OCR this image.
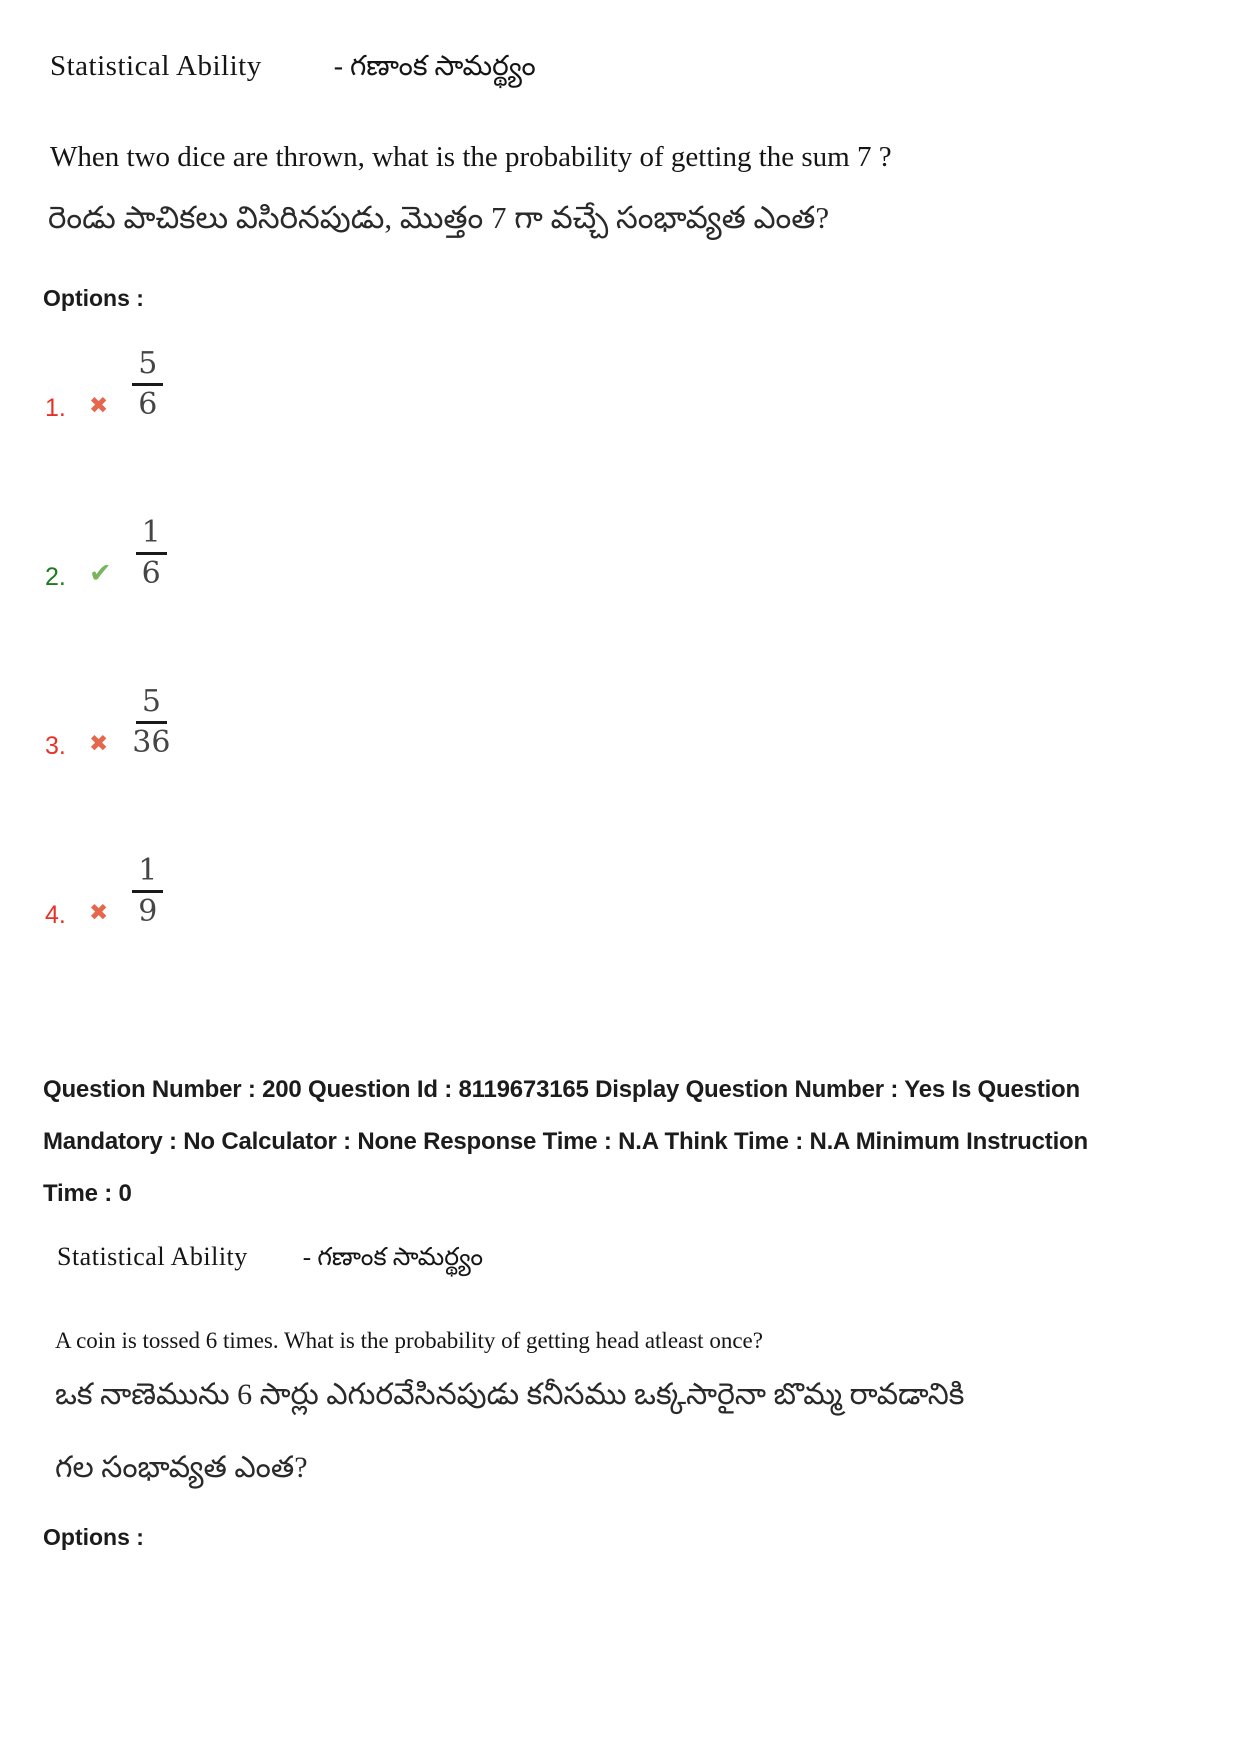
Statistical Ability	- గణాంక సామర్థ్యం
When two dice are thrown, what is the probability of getting the sum 7 ?
రెండు పాచికలు విసిరినపుడు, మొత్తం 7 గా వచ్చే సంభావ్యత ఎంత?
Options :
1.	✖ $\frac{5}{6}$
2. ✔ $\frac{1}{6}$
3.	✖ $\frac{5}{36}$
4.	✖ $\frac{1}{9}$
Question Number : 200 Question Id : 8119673165 Display Question Number : Yes Is Question
Mandatory : No Calculator : None Response Time : N.A Think Time : N.A Minimum Instruction
Time : 0
Statistical Ability - గణాంక సామర్థ్యం
A coin is tossed 6 times. What is the probability of getting head atleast once?
ఒక నాణెమును 6 సార్లు ఎగురవేసినపుడు కనీసము ఒక్కసారైనా బొమ్మ రావడానికి
గల సంభావ్యత ఎంత?
Options :
